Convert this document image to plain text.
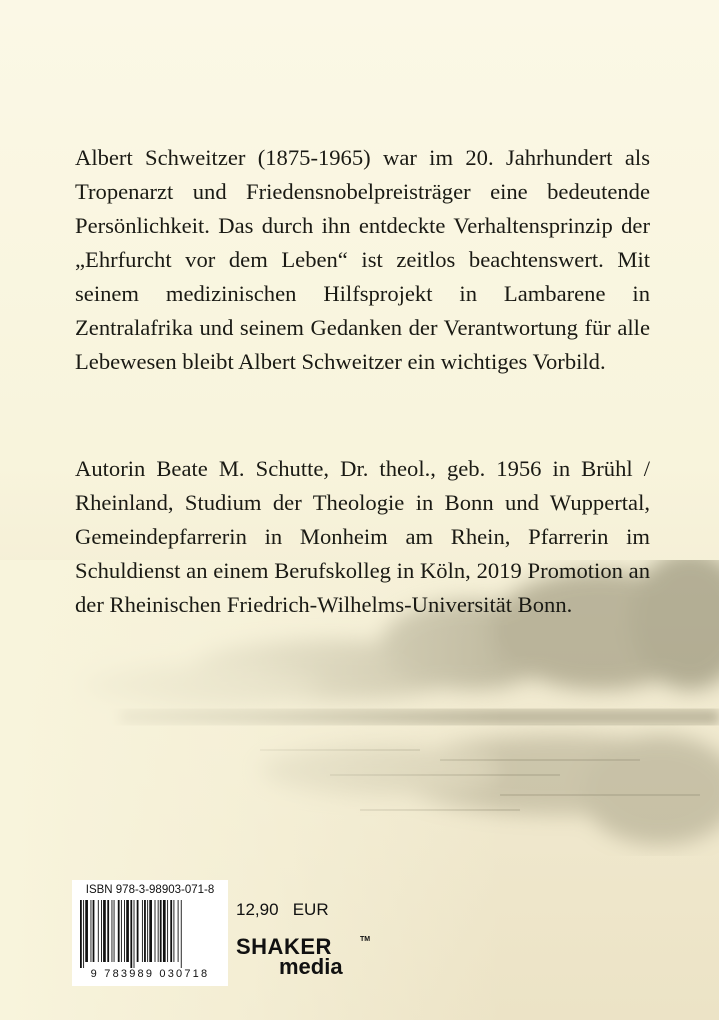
Albert Schweitzer (1875-1965) war im 20. Jahrhundert als Tropenarzt und Friedensnobelpreisträger eine bedeutende Persönlichkeit. Das durch ihn entdeckte Verhaltensprinzip der „Ehrfurcht vor dem Leben“ ist zeitlos beachtenswert. Mit seinem medizinischen Hilfsprojekt in Lambarene in Zentralafrika und seinem Gedanken der Verantwortung für alle Lebewesen bleibt Albert Schweitzer ein wichtiges Vorbild.
Autorin Beate M. Schutte, Dr. theol., geb. 1956 in Brühl / Rheinland, Studium der Theologie in Bonn und Wuppertal, Gemeindepfarrerin in Monheim am Rhein, Pfarrerin im Schuldienst an einem Berufskolleg in Köln, 2019 Promotion an der Rheinischen Friedrich-Wilhelms-Universität Bonn.
ISBN 978-3-98903-071-8
9 783989 030718
12,90 EUR
SHAKER	TM
media
